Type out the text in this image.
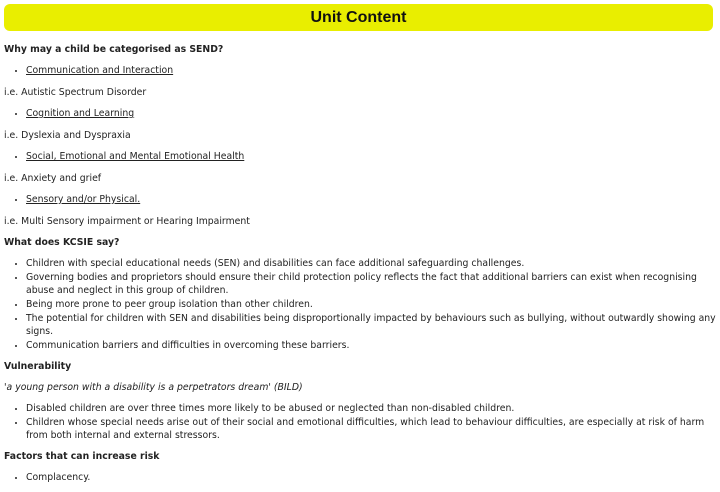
Unit Content
Why may a child be categorised as SEND?
• Communication and Interaction
i.e. Autistic Spectrum Disorder
• Cognition and Learning
i.e. Dyslexia and Dyspraxia
• Social, Emotional and Mental Emotional Health
i.e. Anxiety and grief
• Sensory and/or Physical.
i.e. Multi Sensory impairment or Hearing Impairment
What does KCSIE say?
• Children with special educational needs (SEN) and disabilities can face additional safeguarding challenges.
• Governing bodies and proprietors should ensure their child protection policy reflects the fact that additional barriers can exist when recognising abuse and neglect in this group of children.
• Being more prone to peer group isolation than other children.
• The potential for children with SEN and disabilities being disproportionally impacted by behaviours such as bullying, without outwardly showing any signs.
• Communication barriers and difficulties in overcoming these barriers.
Vulnerability
'a young person with a disability is a perpetrators dream' (BILD)
• Disabled children are over three times more likely to be abused or neglected than non-disabled children.
• Children whose special needs arise out of their social and emotional difficulties, which lead to behaviour difficulties, are especially at risk of harm from both internal and external stressors.
Factors that can increase risk
• Complacency.
